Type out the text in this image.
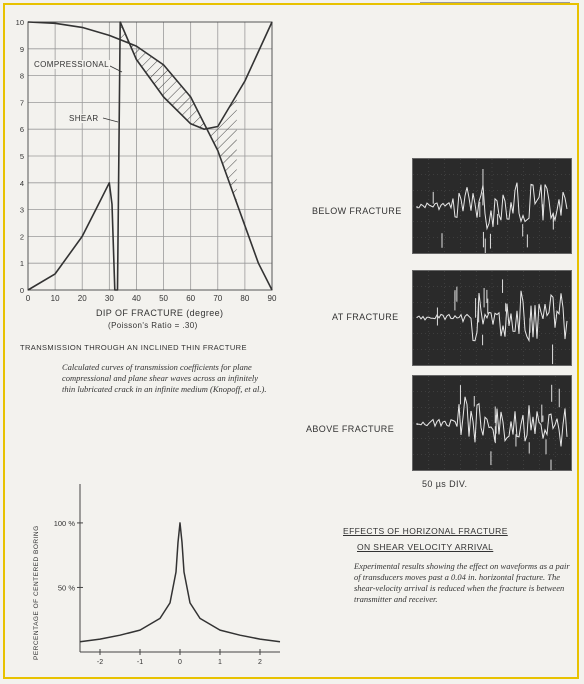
0	10 20 30 40 50 60 70 80 90
0
1
2
3
4
5
6
7
8
9
10
COMPRESSIONAL
SHEAR
DIP OF FRACTURE (degree)
(Poisson's Ratio = .30)
TRANSMISSION THROUGH AN INCLINED THIN FRACTURE
Calculated curves of transmission coefficients for plane compressional and plane shear waves across an infinitely thin lubricated crack in an infinite medium (Knopoff, et al.).
BELOW FRACTURE
AT FRACTURE
ABOVE FRACTURE
50 µs DIV.
PERCENTAGE OF CENTERED BORING
100 %
50 %
-2	-1	0	1	2
EFFECTS OF HORIZONAL FRACTURE
ON SHEAR VELOCITY ARRIVAL
Experimental results showing the effect on waveforms as a pair of transducers moves past a 0.04 in. horizontal fracture. The shear-velocity arrival is reduced when the fracture is between transmitter and receiver.
